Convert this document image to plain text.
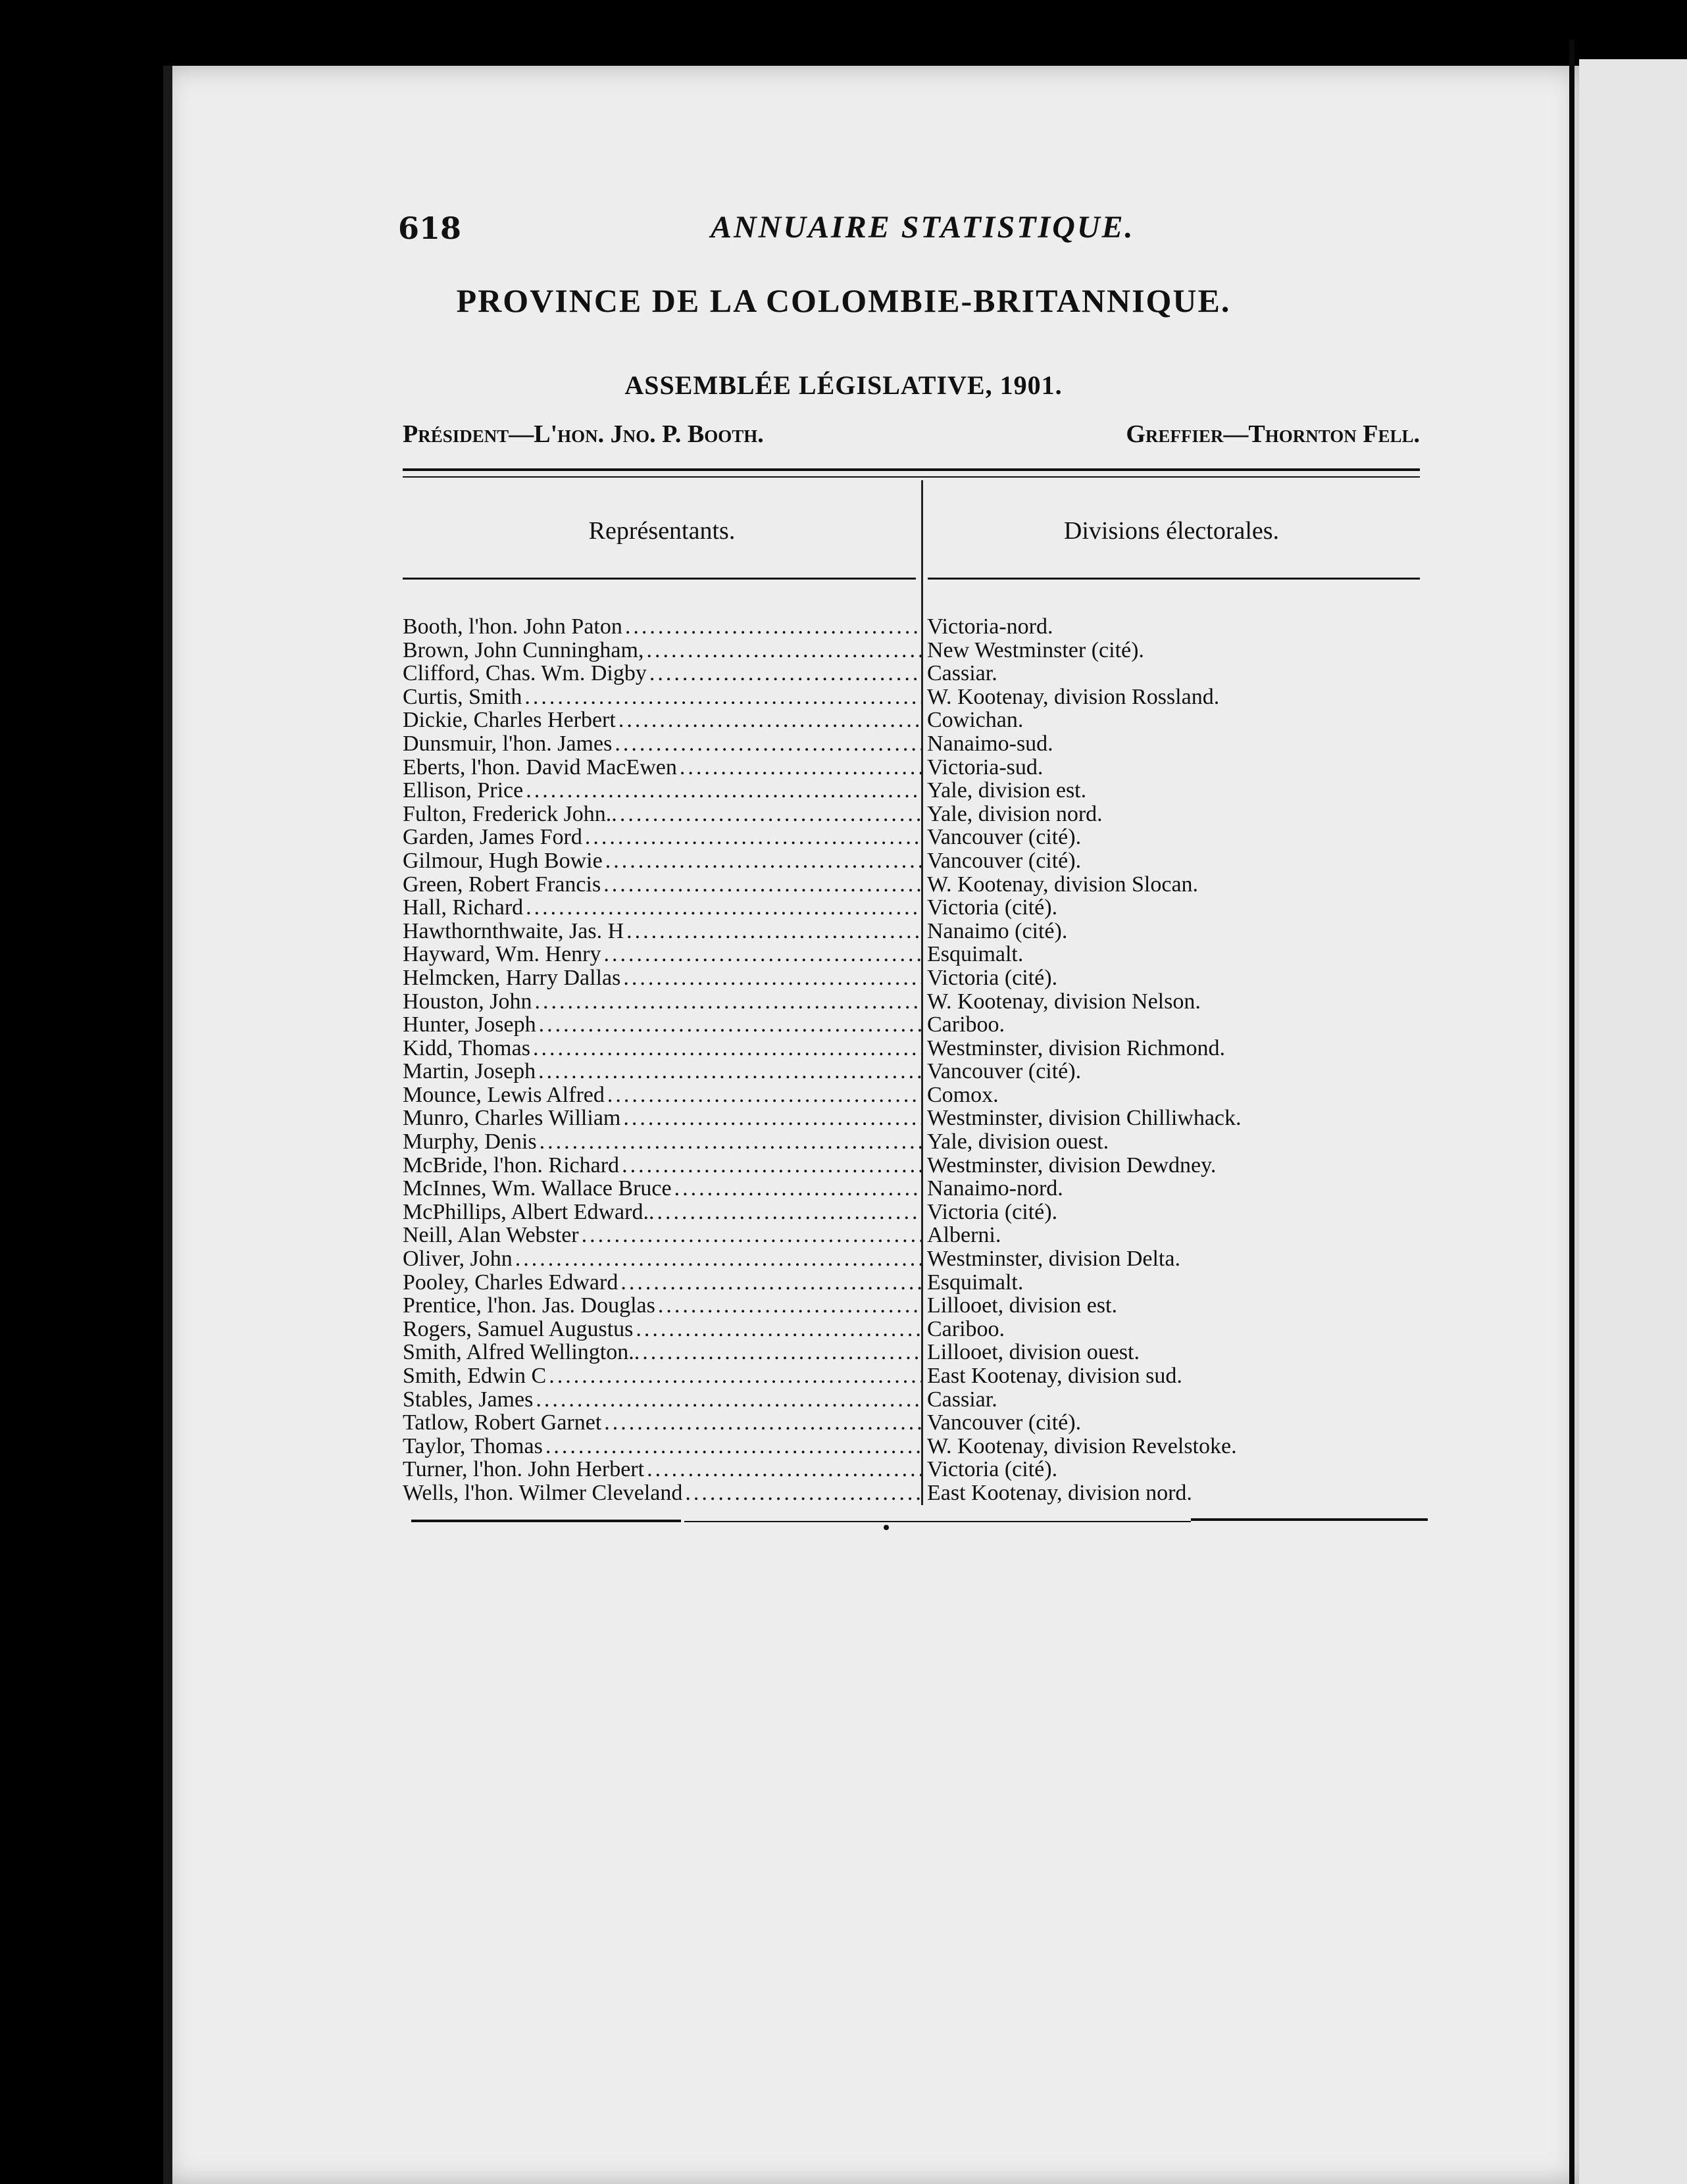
618	ANNUAIRE STATISTIQUE.
PROVINCE DE LA COLOMBIE-BRITANNIQUE.
ASSEMBLÉE LÉGISLATIVE, 1901.
Président—L'hon. Jno. P. Booth.	Greffier—Thornton Fell.
Représentants.	Divisions électorales.
Booth, l'hon. John Paton .....	Victoria-nord.
Brown, John Cunningham, .....	New Westminster (cité).
Clifford, Chas. Wm. Digby .....	Cassiar.
Curtis, Smith .....	W. Kootenay, division Rossland.
Dickie, Charles Herbert .....	Cowichan.
Dunsmuir, l'hon. James .....	Nanaimo-sud.
Eberts, l'hon. David MacEwen .....	Victoria-sud.
Ellison, Price .....	Yale, division est.
Fulton, Frederick John.. .....	Yale, division nord.
Garden, James Ford .....	Vancouver (cité).
Gilmour, Hugh Bowie .....	Vancouver (cité).
Green, Robert Francis .....	W. Kootenay, division Slocan.
Hall, Richard .....	Victoria (cité).
Hawthornthwaite, Jas. H .....	Nanaimo (cité).
Hayward, Wm. Henry .....	Esquimalt.
Helmcken, Harry Dallas .....	Victoria (cité).
Houston, John .....	W. Kootenay, division Nelson.
Hunter, Joseph .....	Cariboo.
Kidd, Thomas .....	Westminster, division Richmond.
Martin, Joseph .....	Vancouver (cité).
Mounce, Lewis Alfred .....	Comox.
Munro, Charles William .....	Westminster, division Chilliwhack.
Murphy, Denis .....	Yale, division ouest.
McBride, l'hon. Richard .....	Westminster, division Dewdney.
McInnes, Wm. Wallace Bruce .....	Nanaimo-nord.
McPhillips, Albert Edward.. .....	Victoria (cité).
Neill, Alan Webster .....	Alberni.
Oliver, John .....	Westminster, division Delta.
Pooley, Charles Edward .....	Esquimalt.
Prentice, l'hon. Jas. Douglas .....	Lillooet, division est.
Rogers, Samuel Augustus .....	Cariboo.
Smith, Alfred Wellington.. .....	Lillooet, division ouest.
Smith, Edwin C .....	East Kootenay, division sud.
Stables, James .....	Cassiar.
Tatlow, Robert Garnet .....	Vancouver (cité).
Taylor, Thomas .....	W. Kootenay, division Revelstoke.
Turner, l'hon. John Herbert .....	Victoria (cité).
Wells, l'hon. Wilmer Cleveland .....	East Kootenay, division nord.
